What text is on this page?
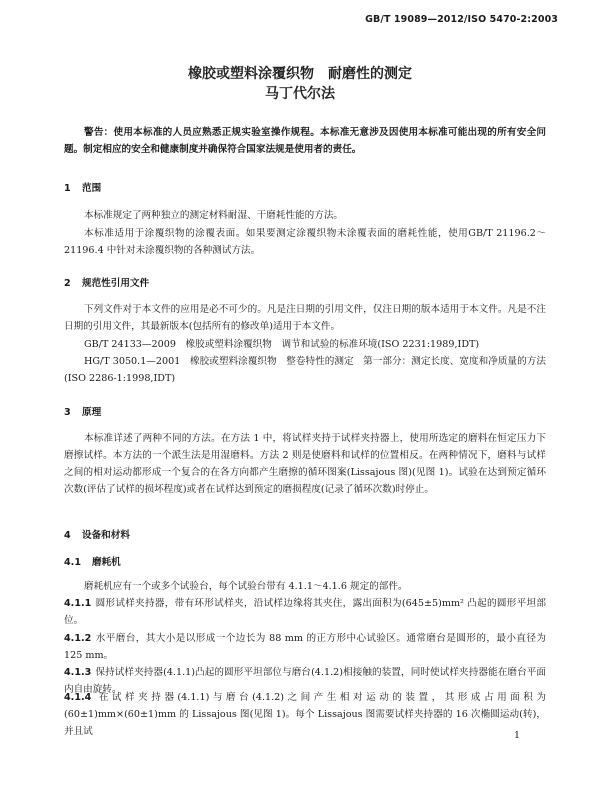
GB/T 19089—2012/ISO 5470-2:2003
橡胶或塑料涂覆织物　耐磨性的测定
马丁代尔法
警告：使用本标准的人员应熟悉正规实验室操作规程。本标准无意涉及因使用本标准可能出现的所有安全问题。制定相应的安全和健康制度并确保符合国家法规是使用者的责任。
1 范围
本标准规定了两种独立的测定材料耐湿、干磨耗性能的方法。
本标准适用于涂覆织物的涂覆表面。如果要测定涂覆织物未涂覆表面的磨耗性能，使用GB/T 21196.2～21196.4 中针对未涂覆织物的各种测试方法。
2 规范性引用文件
下列文件对于本文件的应用是必不可少的。凡是注日期的引用文件，仅注日期的版本适用于本文件。凡是不注日期的引用文件，其最新版本(包括所有的修改单)适用于本文件。
GB/T 24133—2009　橡胶或塑料涂覆织物　调节和试验的标准环境(ISO 2231:1989,IDT)
HG/T 3050.1—2001　橡胶或塑料涂覆织物　整卷特性的测定　第一部分：测定长度、宽度和净质量的方法(ISO 2286-1:1998,IDT)
3 原理
本标准详述了两种不同的方法。在方法 1 中，将试样夹持于试样夹持器上，使用所选定的磨料在恒定压力下磨擦试样。本方法的一个派生法是用湿磨料。方法 2 则是使磨料和试样的位置相反。在两种情况下，磨料与试样之间的相对运动都形成一个复合的在各方向都产生磨擦的循环图案(Lissajous 图)(见图 1)。试验在达到预定循环次数(评估了试样的损坏程度)或者在试样达到预定的磨损程度(记录了循环次数)时停止。
4 设备和材料
4.1 磨耗机
磨耗机应有一个或多个试验台，每个试验台带有 4.1.1～4.1.6 规定的部件。
4.1.1 圆形试样夹持器，带有环形试样夹，沿试样边缘将其夹住，露出面积为(645±5)mm² 凸起的圆形平坦部位。
4.1.2 水平磨台，其大小是以形成一个边长为 88 mm 的正方形中心试验区。通常磨台是圆形的，最小直径为 125 mm。
4.1.3 保持试样夹持器(4.1.1)凸起的圆形平坦部位与磨台(4.1.2)相接触的装置，同时使试样夹持器能在磨台平面内自由旋转。
4.1.4 在试样夹持器(4.1.1)与磨台(4.1.2)之间产生相对运动的装置，其形成占用面积为(60±1)mm×(60±1)mm 的 Lissajous 图(见图 1)。每个 Lissajous 图需要试样夹持器的 16 次椭圆运动(转)，并且试	1
